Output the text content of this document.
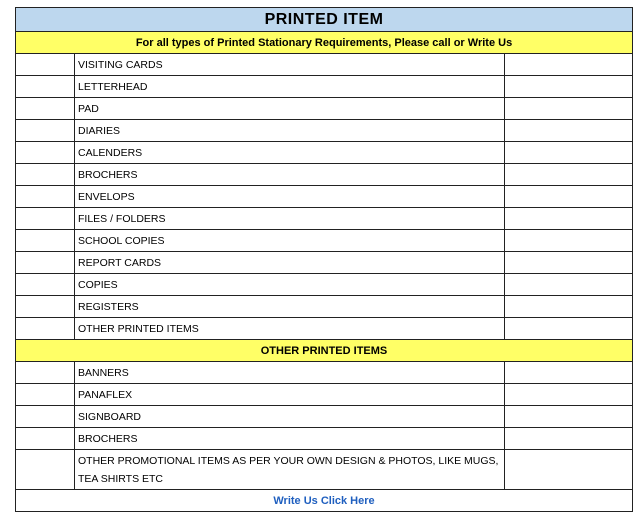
PRINTED ITEM		
For all types of Printed Stationary Requirements, Please call or Write Us		
	VISITING CARDS	
	LETTERHEAD	
	PAD	
	DIARIES	
	CALENDERS	
	BROCHERS	
	ENVELOPS	
	FILES / FOLDERS	
	SCHOOL COPIES	
	REPORT CARDS	
	COPIES	
	REGISTERS	
	OTHER PRINTED ITEMS	
OTHER PRINTED ITEMS		
	BANNERS	
	PANAFLEX	
	SIGNBOARD	
	BROCHERS	
	OTHER PROMOTIONAL ITEMS AS PER YOUR OWN DESIGN & PHOTOS, LIKE MUGS, TEA SHIRTS ETC	
Write Us Click Here		
